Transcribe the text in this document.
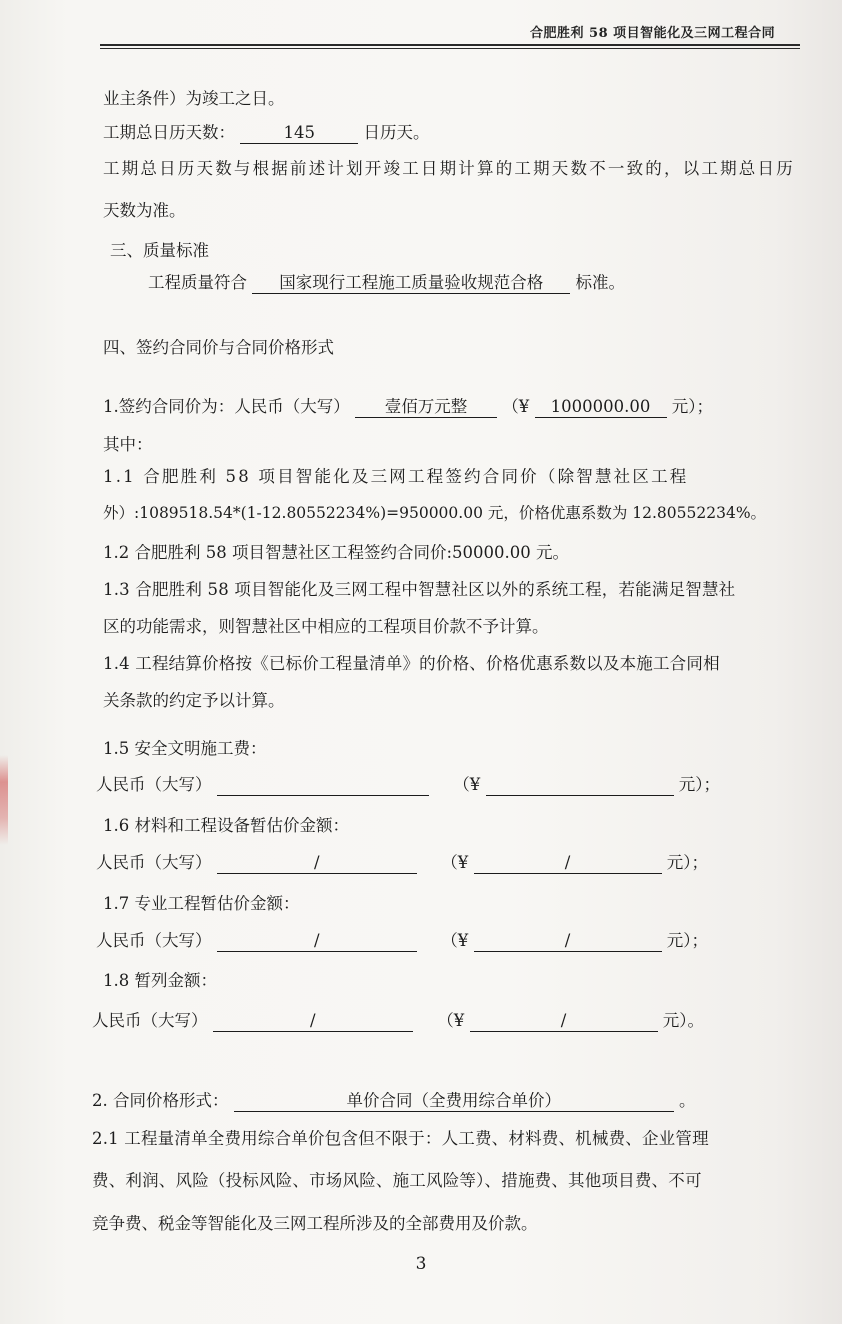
合肥胜利 58 项目智能化及三网工程合同
业主条件）为竣工之日。
工期总日历天数：	145	日历天。
工期总日历天数与根据前述计划开竣工日期计算的工期天数不一致的，以工期总日历
天数为准。
三、质量标准
工程质量符合 国家现行工程施工质量验收规范合格 标准。
四、签约合同价与合同价格形式
1.签约合同价为：人民币（大写） 壹佰万元整 （¥ 1000000.00 元）；
其中：
1.1 合肥胜利 58 项目智能化及三网工程签约合同价（除智慧社区工程
外）:1089518.54*(1-12.80552234%)=950000.00 元，价格优惠系数为 12.80552234%。
1.2 合肥胜利 58 项目智慧社区工程签约合同价:50000.00 元。
1.3 合肥胜利 58 项目智能化及三网工程中智慧社区以外的系统工程，若能满足智慧社
区的功能需求，则智慧社区中相应的工程项目价款不予计算。
1.4 工程结算价格按《已标价工程量清单》的价格、价格优惠系数以及本施工合同相
关条款的约定予以计算。
1.5 安全文明施工费：
人民币（大写）	（¥	元）；
1.6 材料和工程设备暂估价金额：
人民币（大写）	/	（¥	/	元）；
1.7 专业工程暂估价金额：
人民币（大写）	/	（¥	/	元）；
1.8 暂列金额：
人民币（大写）	/	（¥	/	元）。
2. 合同价格形式：	单价合同（全费用综合单价）	。
2.1 工程量清单全费用综合单价包含但不限于：人工费、材料费、机械费、企业管理
费、利润、风险（投标风险、市场风险、施工风险等）、措施费、其他项目费、不可
竞争费、税金等智能化及三网工程所涉及的全部费用及价款。
3
